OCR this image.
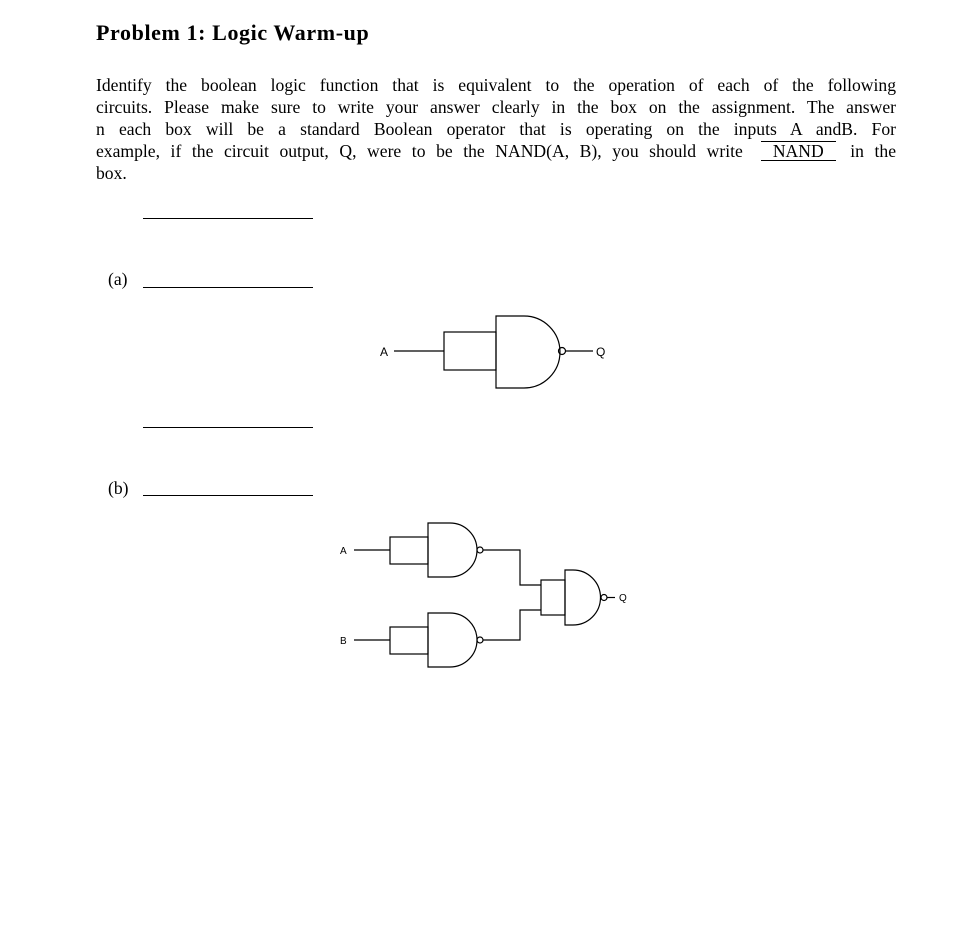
Problem 1: Logic Warm-up
Identify the boolean logic function that is equivalent to the operation of each of the following
circuits. Please make sure to write your answer clearly in the box on the assignment. The answer
n each box will be a standard Boolean operator that is operating on the inputs A andB. For
example, if the circuit output, Q, were to be the NAND(A, B), you should write NAND in the
box.
(a)
A	Q
(b)
A
B
Q
